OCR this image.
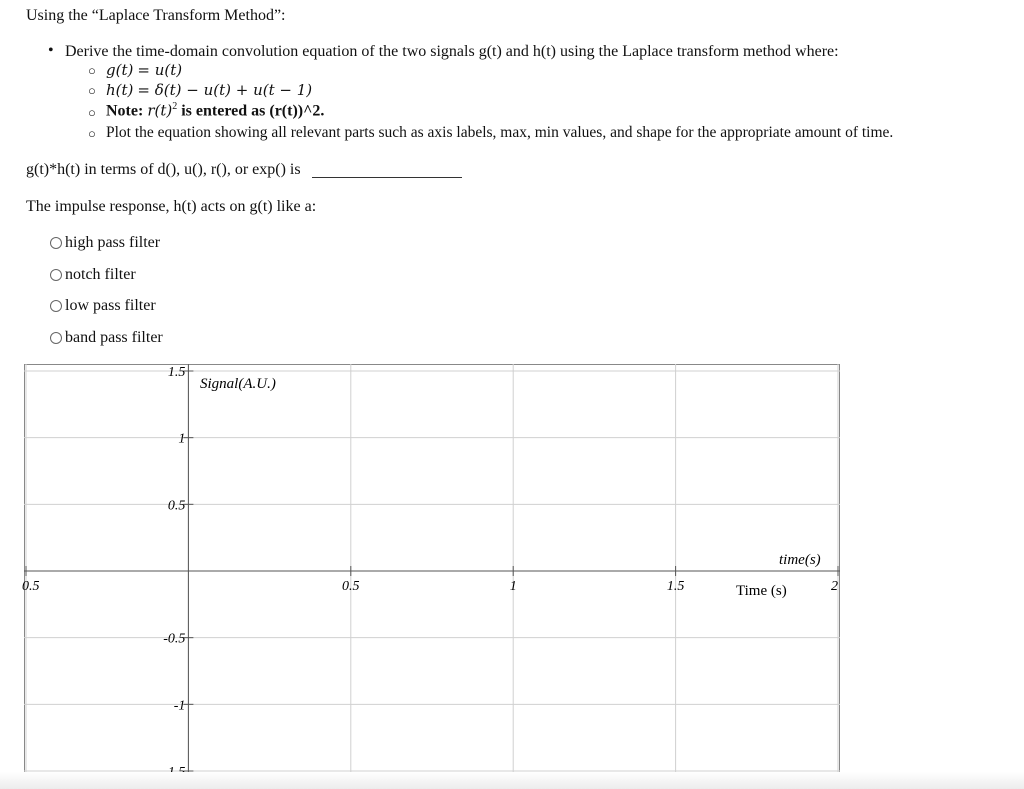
Using the “Laplace Transform Method”:
• Derive the time-domain convolution equation of the two signals g(t) and h(t) using the Laplace transform method where:
○ g(t) = u(t)
○ h(t) = δ(t) − u(t) + u(t − 1)
○ Note: $r(t)^2$ is entered as (r(t))^2.
○ Plot the equation showing all relevant parts such as axis labels, max, min values, and shape for the appropriate amount of time.
g(t)*h(t) in terms of d(), u(), r(), or exp() is
The impulse response, h(t) acts on g(t) like a:
high pass filter
notch filter
low pass filter
band pass filter
0.5	0.5	1	1.5	2
1.5
1
0.5
-0.5
-1
Signal(A.U.)
time(s)
Time (s)
